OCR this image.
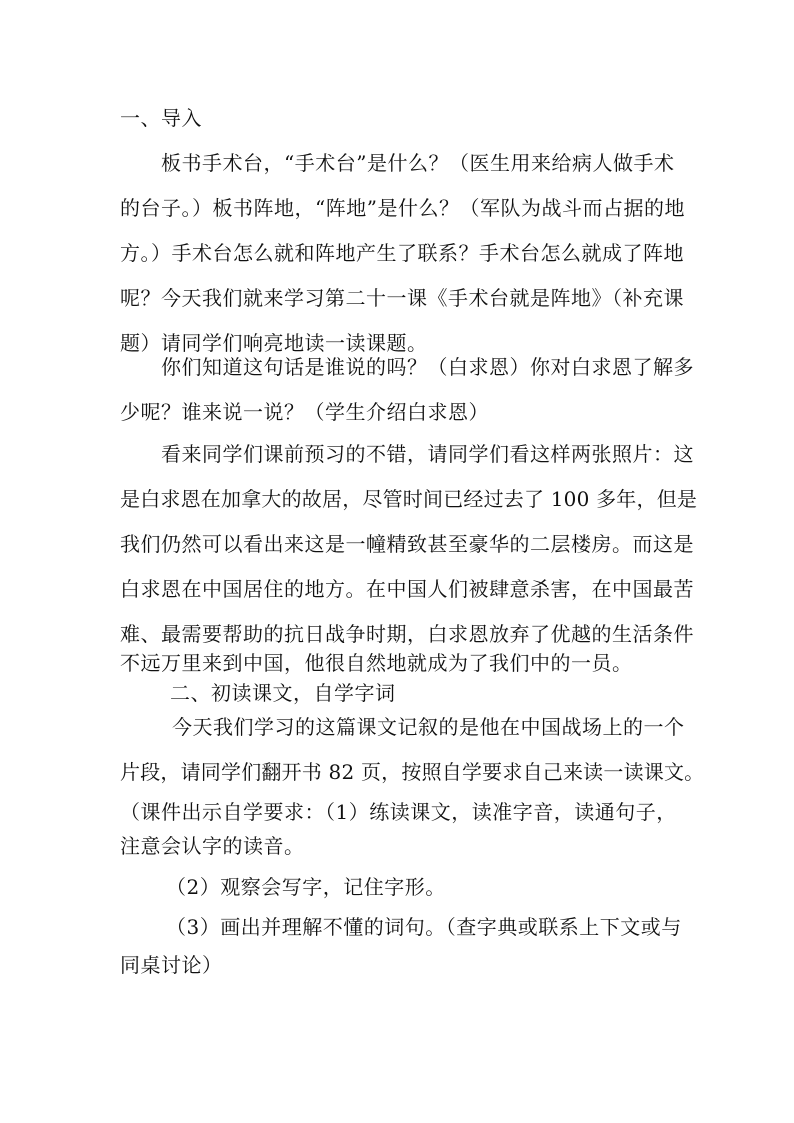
一、导入
板书手术台，“手术台”是什么？（医生用来给病人做手术
的台子。）板书阵地，“阵地”是什么？（军队为战斗而占据的地
方。）手术台怎么就和阵地产生了联系？手术台怎么就成了阵地
呢？今天我们就来学习第二十一课《手术台就是阵地》（补充课
题）请同学们响亮地读一读课题。
你们知道这句话是谁说的吗？（白求恩）你对白求恩了解多
少呢？谁来说一说？（学生介绍白求恩）
看来同学们课前预习的不错，请同学们看这样两张照片：这
是白求恩在加拿大的故居，尽管时间已经过去了 100 多年，但是
我们仍然可以看出来这是一幢精致甚至豪华的二层楼房。而这是
白求恩在中国居住的地方。在中国人们被肆意杀害，在中国最苦
难、最需要帮助的抗日战争时期，白求恩放弃了优越的生活条件
不远万里来到中国，他很自然地就成为了我们中的一员。
二、初读课文，自学字词
今天我们学习的这篇课文记叙的是他在中国战场上的一个
片段，请同学们翻开书 82 页，按照自学要求自己来读一读课文。
（课件出示自学要求：（1）练读课文，读准字音，读通句子，
注意会认字的读音。
（2）观察会写字，记住字形。
（3）画出并理解不懂的词句。（查字典或联系上下文或与
同桌讨论）
